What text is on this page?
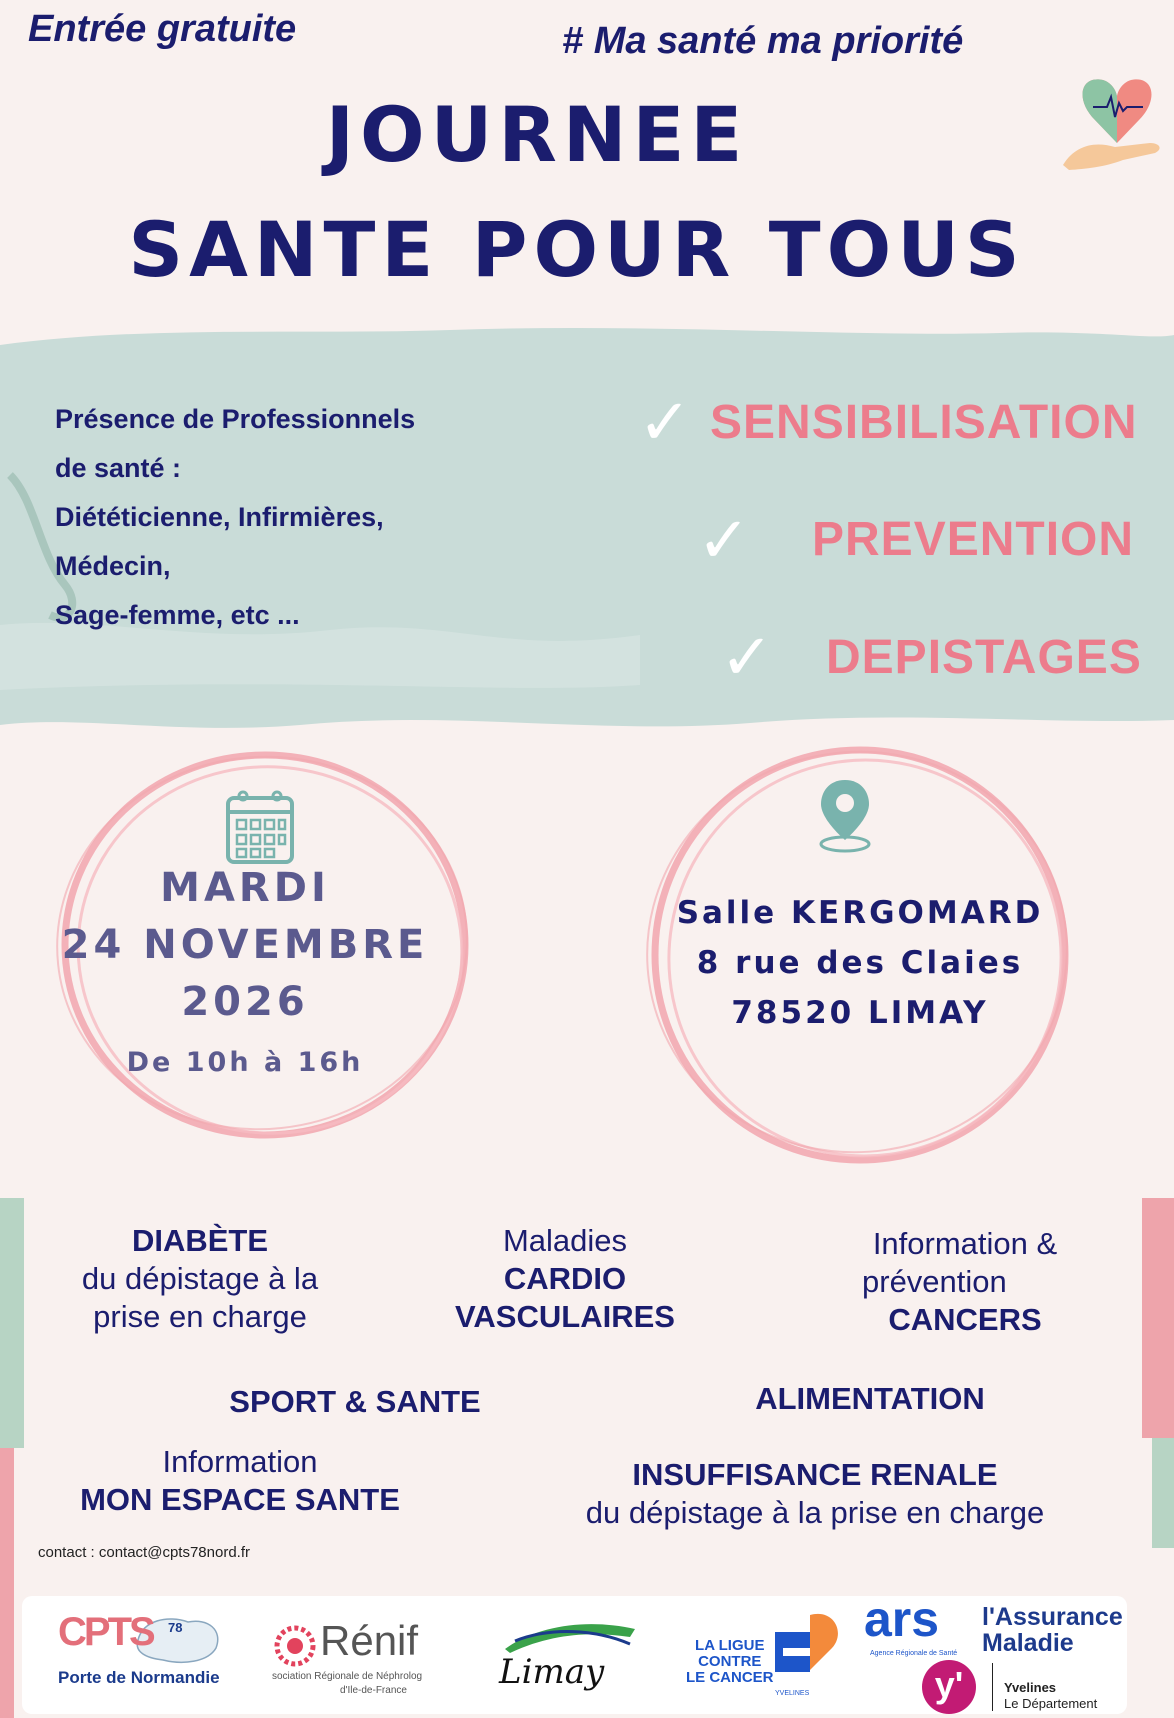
Entrée gratuite	# Ma santé ma priorité
JOURNEE
SANTE POUR TOUS
Présence de Professionnels
de santé :
Diététicienne, Infirmières,
Médecin,
Sage-femme, etc ...
✓ SENSIBILISATION
✓ PREVENTION
✓ DEPISTAGES
MARDI
24 NOVEMBRE
2026
De 10h à 16h
Salle KERGOMARD
8 rue des Claies
78520 LIMAY
DIABÈTE
du dépistage à la
prise en charge
Maladies
CARDIO
VASCULAIRES
Information &
prévention
CANCERS
SPORT & SANTE	ALIMENTATION
Information
MON ESPACE SANTE
INSUFFISANCE RENALE
du dépistage à la prise en charge
contact : contact@cpts78nord.fr
CPTS 78
Porte de Normandie
Rénif
sociation Régionale de Néphrolog
d'Ile-de-France	Limay
LA LIGUE
CONTRE
LE CANCER
YVELINES
ars
Agence Régionale de Santé
y'
l'Assurance
Maladie
Yvelines
Le Département
